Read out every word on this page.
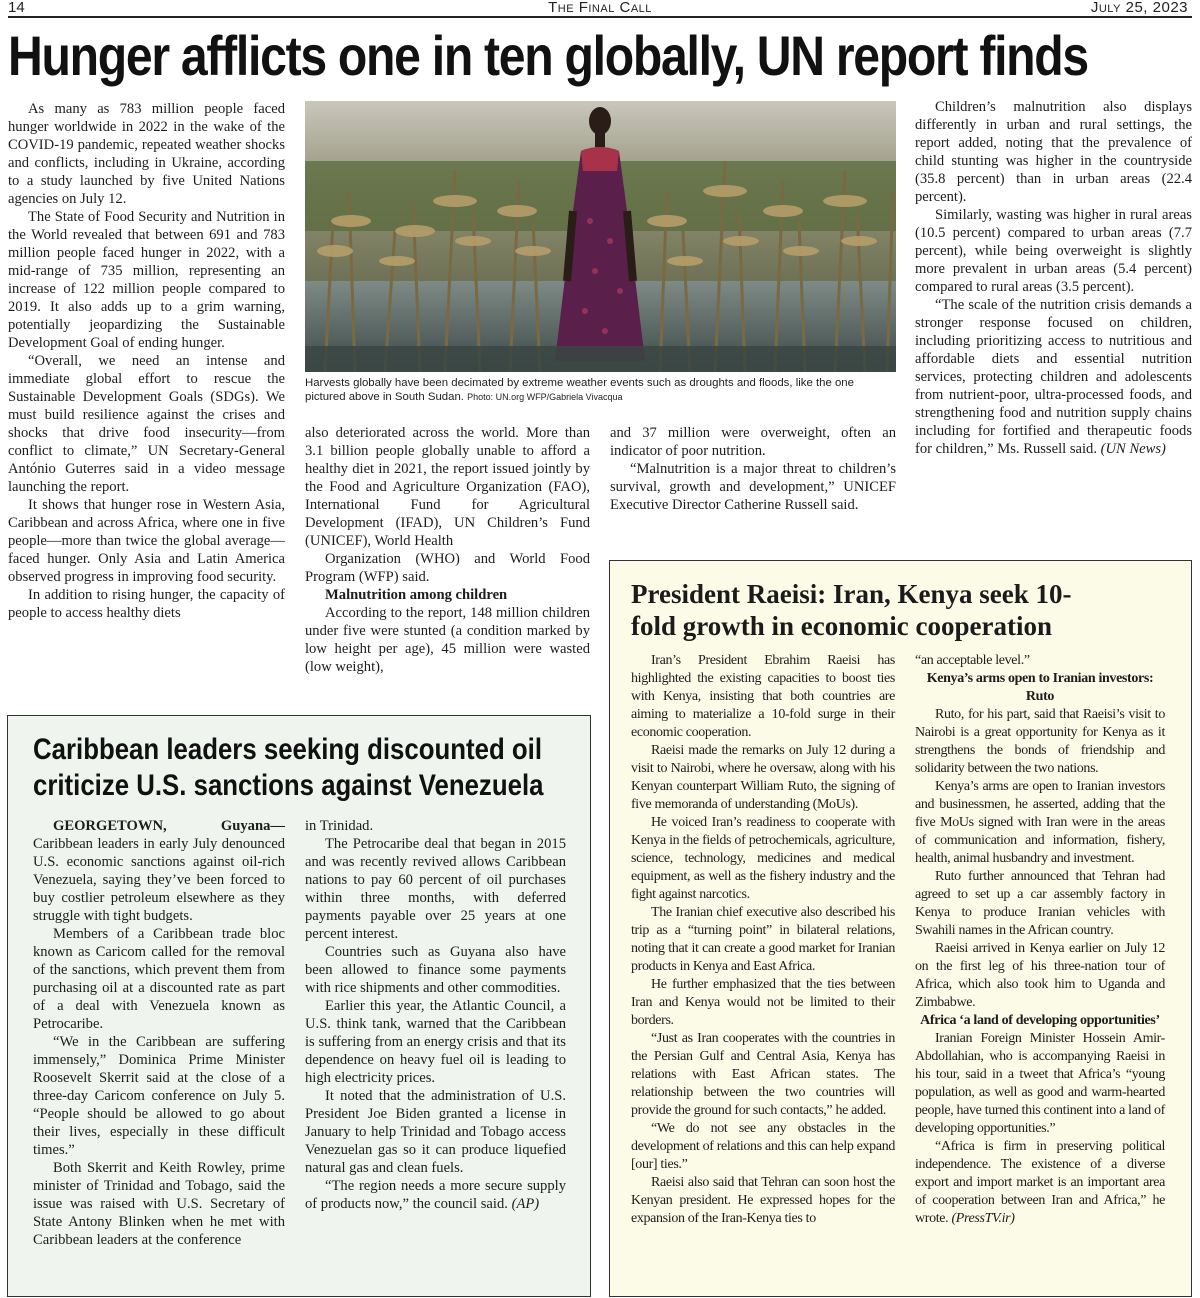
14	The Final Call	July 25, 2023
Hunger afflicts one in ten globally, UN report finds

As many as 783 million people faced hunger worldwide in 2022 in the wake of the COVID-19 pandemic, repeated weather shocks and conflicts, including in Ukraine, according to a study launched by five United Nations agencies on July 12.

The State of Food Security and Nutrition in the World revealed that between 691 and 783 million people faced hunger in 2022, with a mid-range of 735 million, representing an increase of 122 million people compared to 2019. It also adds up to a grim warning, potentially jeopardizing the Sustainable Development Goal of ending hunger.

“Overall, we need an intense and immediate global effort to rescue the Sustainable Development Goals (SDGs). We must build resilience against the crises and shocks that drive food insecurity—from conflict to climate,” UN Secretary-General António Guterres said in a video message launching the report.

It shows that hunger rose in Western Asia, Caribbean and across Africa, where one in five people—more than twice the global average—faced hunger. Only Asia and Latin America observed progress in improving food security.

In addition to rising hunger, the capacity of people to access healthy diets

Harvests globally have been decimated by extreme weather events such as droughts and floods, like the one pictured above in South Sudan. Photo: UN.org WFP/Gabriela Vivacqua

also deteriorated across the world. More than 3.1 billion people globally unable to afford a healthy diet in 2021, the report issued jointly by the Food and Agriculture Organization (FAO), International Fund for Agricultural Development (IFAD), UN Children’s Fund (UNICEF), World Health

Organization (WHO) and World Food Program (WFP) said.

Malnutrition among children

According to the report, 148 million children under five were stunted (a condition marked by low height per age), 45 million were wasted (low weight),

and 37 million were overweight, often an indicator of poor nutrition.

“Malnutrition is a major threat to children’s survival, growth and development,” UNICEF Executive Director Catherine Russell said.

Children’s malnutrition also displays differently in urban and rural settings, the report added, noting that the prevalence of child stunting was higher in the countryside (35.8 percent) than in urban areas (22.4 percent).

Similarly, wasting was higher in rural areas (10.5 percent) compared to urban areas (7.7 percent), while being overweight is slightly more prevalent in urban areas (5.4 percent) compared to rural areas (3.5 percent).

“The scale of the nutrition crisis demands a stronger response focused on children, including prioritizing access to nutritious and affordable diets and essential nutrition services, protecting children and adolescents from nutrient-poor, ultra-processed foods, and strengthening food and nutrition supply chains including for fortified and therapeutic foods for children,” Ms. Russell said. (UN News)

Caribbean leaders seeking discounted oil
criticize U.S. sanctions against Venezuela

GEORGETOWN, Guyana— Caribbean leaders in early July denounced U.S. economic sanctions against oil-rich Venezuela, saying they’ve been forced to buy costlier petroleum elsewhere as they struggle with tight budgets.

Members of a Caribbean trade bloc known as Caricom called for the removal of the sanctions, which prevent them from purchasing oil at a discounted rate as part of a deal with Venezuela known as Petrocaribe.

“We in the Caribbean are suffering immensely,” Dominica Prime Minister Roosevelt Skerrit said at the close of a three-day Caricom conference on July 5. “People should be allowed to go about their lives, especially in these difficult times.”

Both Skerrit and Keith Rowley, prime minister of Trinidad and Tobago, said the issue was raised with U.S. Secretary of State Antony Blinken when he met with Caribbean leaders at the conference

in Trinidad.

The Petrocaribe deal that began in 2015 and was recently revived allows Caribbean nations to pay 60 percent of oil purchases within three months, with deferred payments payable over 25 years at one percent interest.

Countries such as Guyana also have been allowed to finance some payments with rice shipments and other commodities.

Earlier this year, the Atlantic Council, a U.S. think tank, warned that the Caribbean is suffering from an energy crisis and that its dependence on heavy fuel oil is leading to high electricity prices.

It noted that the administration of U.S. President Joe Biden granted a license in January to help Trinidad and Tobago access Venezuelan gas so it can produce liquefied natural gas and clean fuels.

“The region needs a more secure supply of products now,” the council said. (AP)

President Raeisi: Iran, Kenya seek 10-
fold growth in economic cooperation

Iran’s President Ebrahim Raeisi has highlighted the existing capacities to boost ties with Kenya, insisting that both countries are aiming to materialize a 10-fold surge in their economic cooperation.

Raeisi made the remarks on July 12 during a visit to Nairobi, where he oversaw, along with his Kenyan counterpart William Ruto, the signing of five memoranda of understanding (MoUs).

He voiced Iran’s readiness to cooperate with Kenya in the fields of petrochemicals, agriculture, science, technology, medicines and medical equipment, as well as the fishery industry and the fight against narcotics.

The Iranian chief executive also described his trip as a “turning point” in bilateral relations, noting that it can create a good market for Iranian products in Kenya and East Africa.

He further emphasized that the ties between Iran and Kenya would not be limited to their borders.

“Just as Iran cooperates with the countries in the Persian Gulf and Central Asia, Kenya has relations with East African states. The relationship between the two countries will provide the ground for such contacts,” he added.

“We do not see any obstacles in the development of relations and this can help expand [our] ties.”

Raeisi also said that Tehran can soon host the Kenyan president. He expressed hopes for the expansion of the Iran-Kenya ties to

“an acceptable level.”

Kenya’s arms open to Iranian investors: Ruto

Ruto, for his part, said that Raeisi’s visit to Nairobi is a great opportunity for Kenya as it strengthens the bonds of friendship and solidarity between the two nations.

Kenya’s arms are open to Iranian investors and businessmen, he asserted, adding that the five MoUs signed with Iran were in the areas of communication and information, fishery, health, animal husbandry and investment.

Ruto further announced that Tehran had agreed to set up a car assembly factory in Kenya to produce Iranian vehicles with Swahili names in the African country.

Raeisi arrived in Kenya earlier on July 12 on the first leg of his three-nation tour of Africa, which also took him to Uganda and Zimbabwe.

Africa ‘a land of developing opportunities’

Iranian Foreign Minister Hossein Amir-Abdollahian, who is accompanying Raeisi in his tour, said in a tweet that Africa’s “young population, as well as good and warm-hearted people, have turned this continent into a land of developing opportunities.”

“Africa is firm in preserving political independence. The existence of a diverse export and import market is an important area of cooperation between Iran and Africa,” he wrote. (PressTV.ir)
